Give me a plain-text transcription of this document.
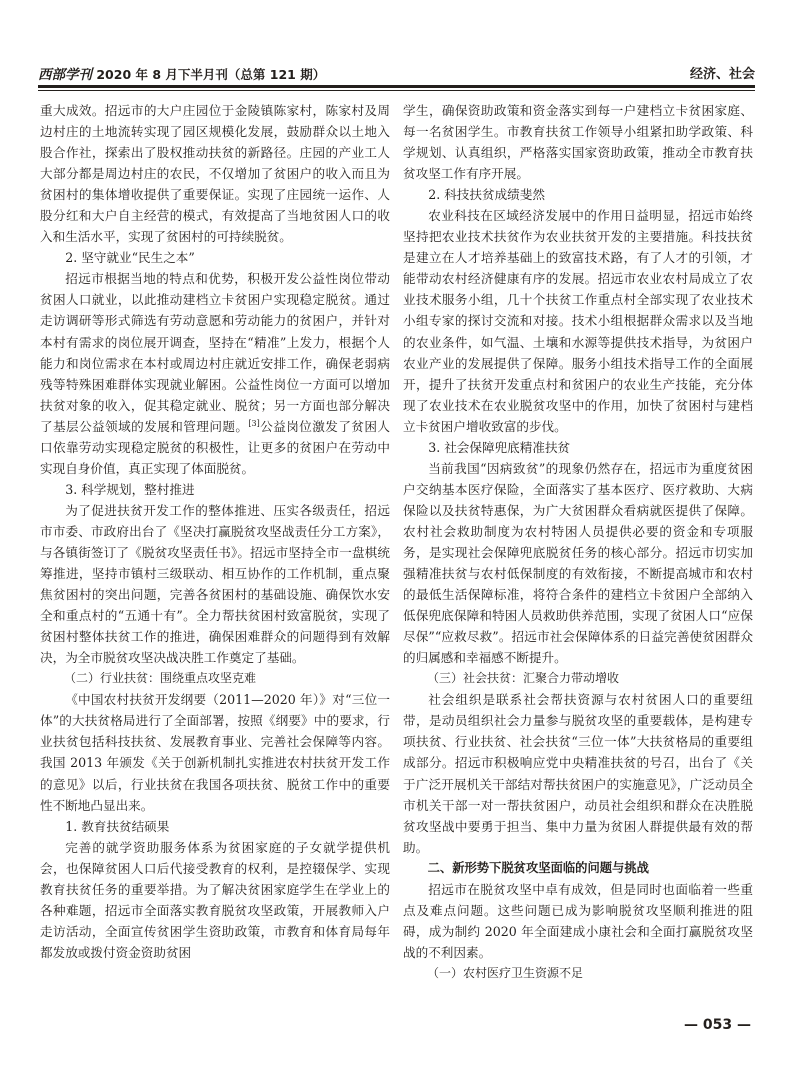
西部学刊 2020 年 8 月下半月刊（总第 121 期）	经济、社会

重大成效。招远市的大户庄园位于金陵镇陈家村，陈家村及周边村庄的土地流转实现了园区规模化发展，鼓励群众以土地入股合作社，探索出了股权推动扶贫的新路径。庄园的产业工人大部分都是周边村庄的农民，不仅增加了贫困户的收入而且为贫困村的集体增收提供了重要保证。实现了庄园统一运作、人股分红和大户自主经营的模式，有效提高了当地贫困人口的收入和生活水平，实现了贫困村的可持续脱贫。

2. 坚守就业“民生之本”

招远市根据当地的特点和优势，积极开发公益性岗位带动贫困人口就业，以此推动建档立卡贫困户实现稳定脱贫。通过走访调研等形式筛选有劳动意愿和劳动能力的贫困户，并针对本村有需求的岗位展开调查，坚持在“精准”上发力，根据个人能力和岗位需求在本村或周边村庄就近安排工作，确保老弱病残等特殊困难群体实现就业解困。公益性岗位一方面可以增加扶贫对象的收入，促其稳定就业、脱贫；另一方面也部分解决了基层公益领域的发展和管理问题。[3]公益岗位激发了贫困人口依靠劳动实现稳定脱贫的积极性，让更多的贫困户在劳动中实现自身价值，真正实现了体面脱贫。

3. 科学规划，整村推进

为了促进扶贫开发工作的整体推进、压实各级责任，招远市市委、市政府出台了《坚决打赢脱贫攻坚战责任分工方案》，与各镇街签订了《脱贫攻坚责任书》。招远市坚持全市一盘棋统筹推进，坚持市镇村三级联动、相互协作的工作机制，重点聚焦贫困村的突出问题，完善各贫困村的基础设施、确保饮水安全和重点村的“五通十有”。全力帮扶贫困村致富脱贫，实现了贫困村整体扶贫工作的推进，确保困难群众的问题得到有效解决，为全市脱贫攻坚决战决胜工作奠定了基础。

（二）行业扶贫：围绕重点攻坚克难

《中国农村扶贫开发纲要（2011—2020 年）》对“三位一体”的大扶贫格局进行了全面部署，按照《纲要》中的要求，行业扶贫包括科技扶贫、发展教育事业、完善社会保障等内容。我国 2013 年颁发《关于创新机制扎实推进农村扶贫开发工作的意见》以后，行业扶贫在我国各项扶贫、脱贫工作中的重要性不断地凸显出来。

1. 教育扶贫结硕果

完善的就学资助服务体系为贫困家庭的子女就学提供机会，也保障贫困人口后代接受教育的权利，是控辍保学、实现教育扶贫任务的重要举措。为了解决贫困家庭学生在学业上的各种难题，招远市全面落实教育脱贫攻坚政策，开展教师入户走访活动，全面宣传贫困学生资助政策，市教育和体育局每年都发放或拨付资金资助贫困

学生，确保资助政策和资金落实到每一户建档立卡贫困家庭、每一名贫困学生。市教育扶贫工作领导小组紧扣助学政策、科学规划、认真组织，严格落实国家资助政策，推动全市教育扶贫攻坚工作有序开展。

2. 科技扶贫成绩斐然

农业科技在区域经济发展中的作用日益明显，招远市始终坚持把农业技术扶贫作为农业扶贫开发的主要措施。科技扶贫是建立在人才培养基础上的致富技术路，有了人才的引领，才能带动农村经济健康有序的发展。招远市农业农村局成立了农业技术服务小组，几十个扶贫工作重点村全部实现了农业技术小组专家的探讨交流和对接。技术小组根据群众需求以及当地的农业条件，如气温、土壤和水源等提供技术指导，为贫困户农业产业的发展提供了保障。服务小组技术指导工作的全面展开，提升了扶贫开发重点村和贫困户的农业生产技能，充分体现了农业技术在农业脱贫攻坚中的作用，加快了贫困村与建档立卡贫困户增收致富的步伐。

3. 社会保障兜底精准扶贫

当前我国“因病致贫”的现象仍然存在，招远市为重度贫困户交纳基本医疗保险，全面落实了基本医疗、医疗救助、大病保险以及扶贫特惠保，为广大贫困群众看病就医提供了保障。农村社会救助制度为农村特困人员提供必要的资金和专项服务，是实现社会保障兜底脱贫任务的核心部分。招远市切实加强精准扶贫与农村低保制度的有效衔接，不断提高城市和农村的最低生活保障标准，将符合条件的建档立卡贫困户全部纳入低保兜底保障和特困人员救助供养范围，实现了贫困人口“应保尽保”“应救尽救”。招远市社会保障体系的日益完善使贫困群众的归属感和幸福感不断提升。

（三）社会扶贫：汇聚合力带动增收

社会组织是联系社会帮扶资源与农村贫困人口的重要纽带，是动员组织社会力量参与脱贫攻坚的重要载体，是构建专项扶贫、行业扶贫、社会扶贫“三位一体”大扶贫格局的重要组成部分。招远市积极响应党中央精准扶贫的号召，出台了《关于广泛开展机关干部结对帮扶贫困户的实施意见》，广泛动员全市机关干部一对一帮扶贫困户，动员社会组织和群众在决胜脱贫攻坚战中要勇于担当、集中力量为贫困人群提供最有效的帮助。

二、新形势下脱贫攻坚面临的问题与挑战

招远市在脱贫攻坚中卓有成效，但是同时也面临着一些重点及难点问题。这些问题已成为影响脱贫攻坚顺利推进的阻碍，成为制约 2020 年全面建成小康社会和全面打赢脱贫攻坚战的不利因素。

（一）农村医疗卫生资源不足

— 053 —
